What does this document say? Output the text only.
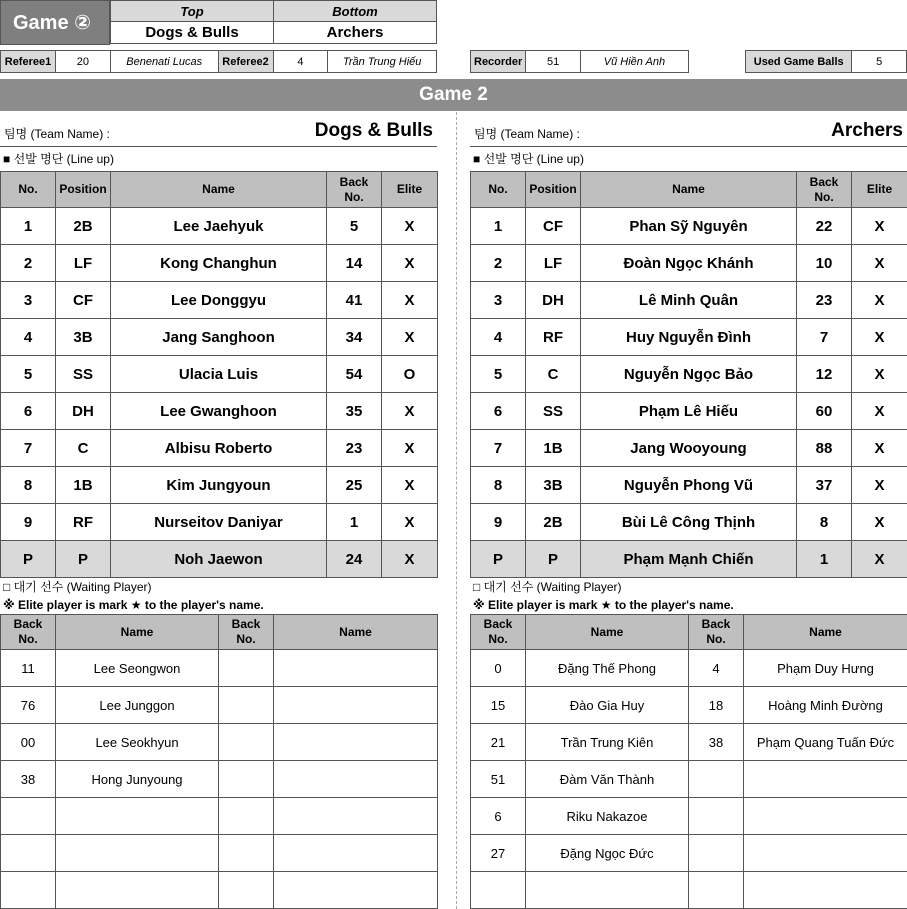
Game ②
Top	Bottom
Dogs & Bulls	Archers
Referee1	20	Benenati Lucas	Referee2	4	Trần Trung Hiếu	Recorder	51	Vũ Hiền Anh	Used Game Balls	5
Game 2
팀명 (Team Name) :	Dogs & Bulls
■ 선발 명단 (Line up)
No.	Position	Name	Back
No.	Elite
1	2B	Lee Jaehyuk	5	X
2	LF	Kong Changhun	14	X
3	CF	Lee Donggyu	41	X
4	3B	Jang Sanghoon	34	X
5	SS	Ulacia Luis	54	O
6	DH	Lee Gwanghoon	35	X
7	C	Albisu Roberto	23	X
8	1B	Kim Jungyoun	25	X
9	RF	Nurseitov Daniyar	1	X
P	P	Noh Jaewon	24	X
□ 대기 선수 (Waiting Player)
※ Elite player is mark ★ to the player's name.
Back
No.	Name	Back
No.	Name
11	Lee Seongwon		
76	Lee Junggon		
00	Lee Seokhyun		
38	Hong Junyoung		

팀명 (Team Name) :	Archers
■ 선발 명단 (Line up)
No.	Position	Name	Back
No.	Elite
1	CF	Phan Sỹ Nguyên	22	X
2	LF	Đoàn Ngọc Khánh	10	X
3	DH	Lê Minh Quân	23	X
4	RF	Huy Nguyễn Đình	7	X
5	C	Nguyễn Ngọc Bảo	12	X
6	SS	Phạm Lê Hiếu	60	X
7	1B	Jang Wooyoung	88	X
8	3B	Nguyễn Phong Vũ	37	X
9	2B	Bùi Lê Công Thịnh	8	X
P	P	Phạm Mạnh Chiến	1	X
□ 대기 선수 (Waiting Player)
※ Elite player is mark ★ to the player's name.
Back
No.	Name	Back
No.	Name
0	Đặng Thế Phong	4	Phạm Duy Hưng
15	Đào Gia Huy	18	Hoàng Minh Đường
21	Trần Trung Kiên	38	Phạm Quang Tuấn Đức
51	Đàm Văn Thành		
6	Riku Nakazoe		
27	Đặng Ngọc Đức		
